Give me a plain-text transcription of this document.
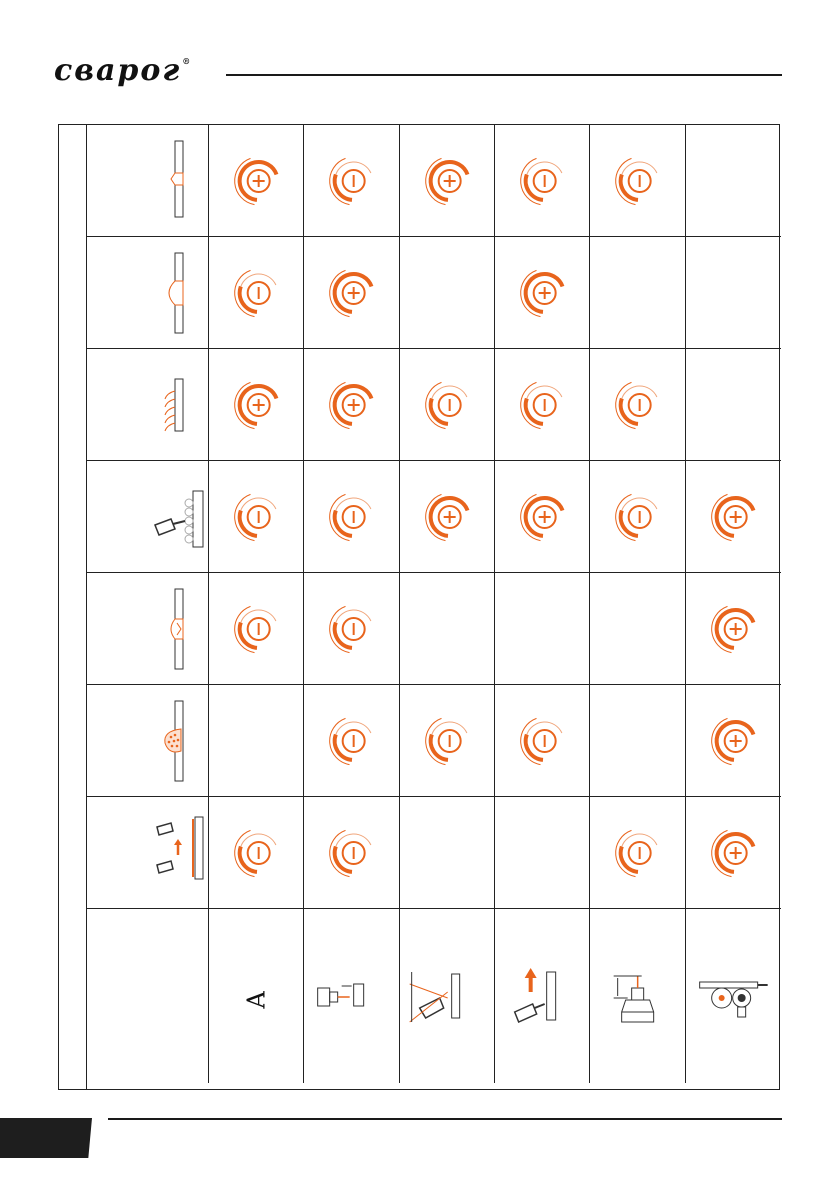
сварог®
A
